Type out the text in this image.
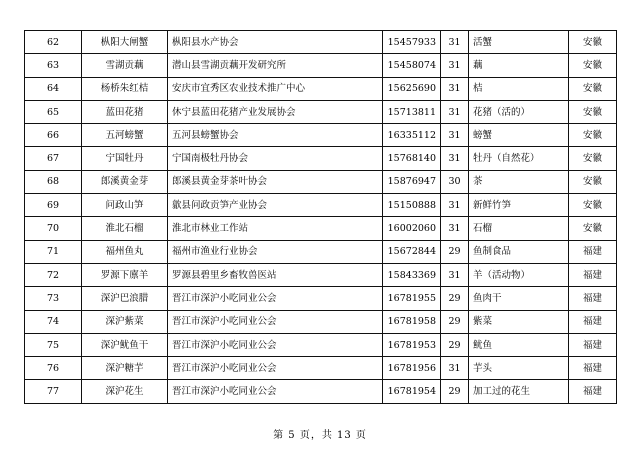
62	枞阳大闸蟹	枞阳县水产协会	15457933	31	活蟹	安徽
63	雪湖贡藕	潜山县雪湖贡藕开发研究所	15458074	31	藕	安徽
64	杨桥朱红桔	安庆市宜秀区农业技术推广中心	15625690	31	桔	安徽
65	蓝田花猪	休宁县蓝田花猪产业发展协会	15713811	31	花猪（活的）	安徽
66	五河螃蟹	五河县螃蟹协会	16335112	31	螃蟹	安徽
67	宁国牡丹	宁国南极牡丹协会	15768140	31	牡丹（自然花）	安徽
68	郎溪黄金芽	郎溪县黄金芽茶叶协会	15876947	30	茶	安徽
69	问政山笋	歙县问政贡笋产业协会	15150888	31	新鲜竹笋	安徽
70	淮北石榴	淮北市林业工作站	16002060	31	石榴	安徽
71	福州鱼丸	福州市渔业行业协会	15672844	29	鱼制食品	福建
72	罗源下廪羊	罗源县碧里乡畜牧兽医站	15843369	31	羊（活动物）	福建
73	深沪巴浪腊	晋江市深沪小吃同业公会	16781955	29	鱼肉干	福建
74	深沪紫菜	晋江市深沪小吃同业公会	16781958	29	紫菜	福建
75	深沪鱿鱼干	晋江市深沪小吃同业公会	16781953	29	鱿鱼	福建
76	深沪糖芋	晋江市深沪小吃同业公会	16781956	31	芋头	福建
77	深沪花生	晋江市深沪小吃同业公会	16781954	29	加工过的花生	福建
第 5 页，共 13 页
